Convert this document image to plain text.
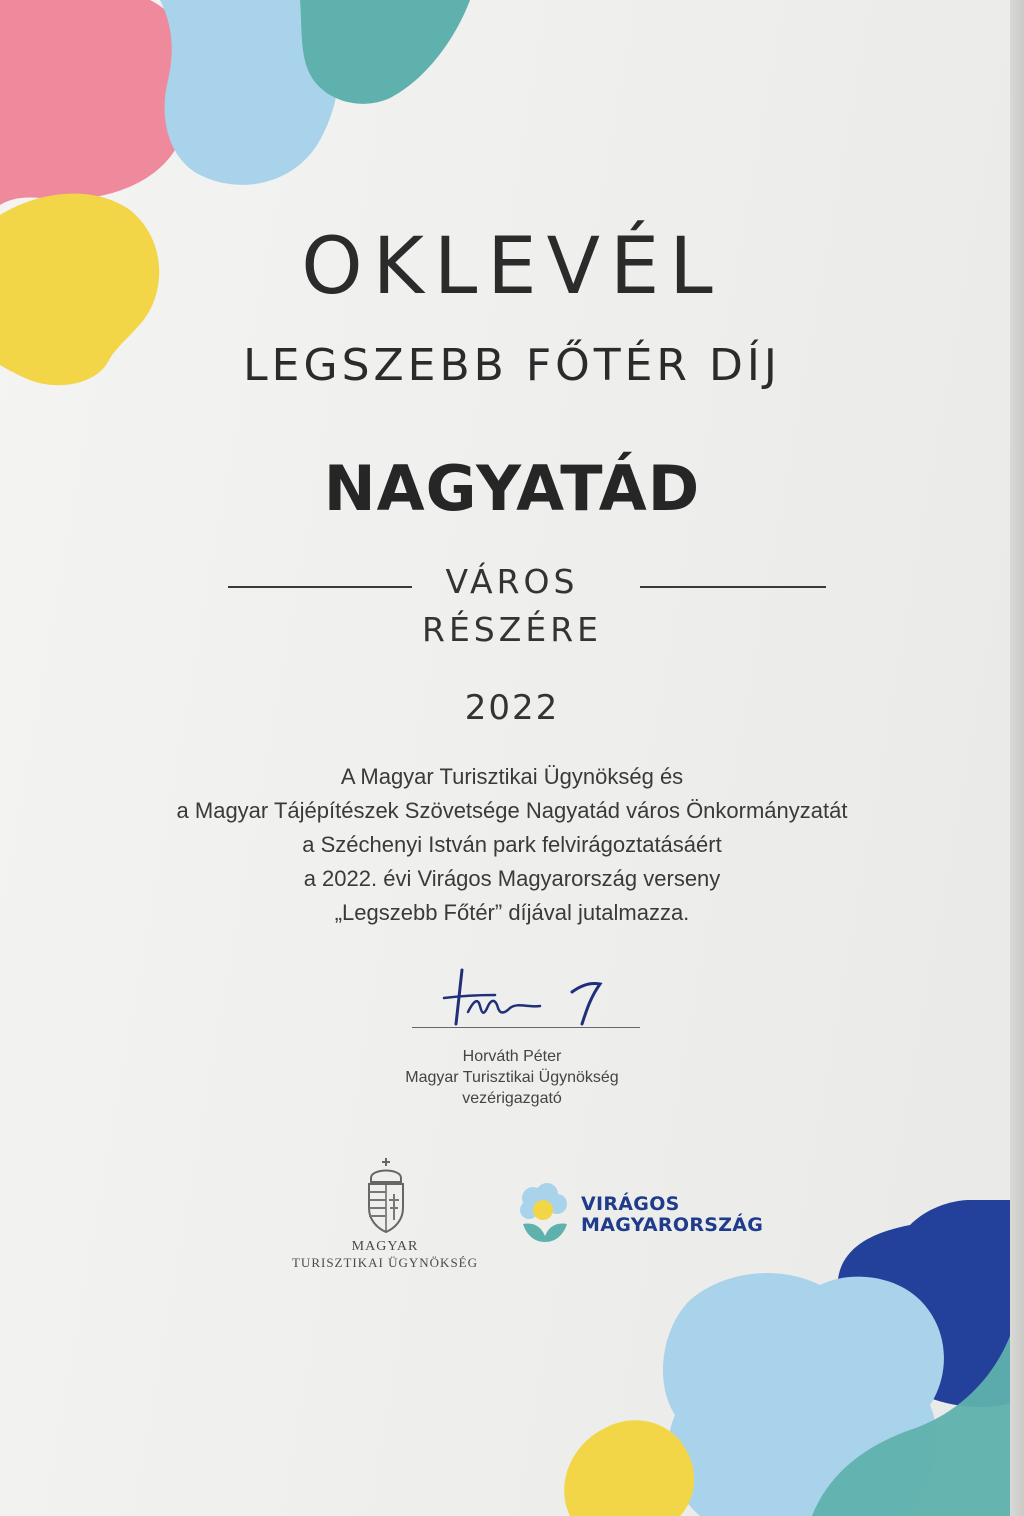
OKLEVÉL
LEGSZEBB FŐTÉR DÍJ
NAGYATÁD
VÁROS
RÉSZÉRE
2022
A Magyar Turisztikai Ügynökség és
a Magyar Tájépítészek Szövetsége Nagyatád város Önkormányzatát
a Széchenyi István park felvirágoztatásáért
a 2022. évi Virágos Magyarország verseny
„Legszebb Főtér” díjával jutalmazza.
Horváth Péter
Magyar Turisztikai Ügynökség
vezérigazgató
MAGYAR
TURISZTIKAI ÜGYNÖKSÉG
VIRÁGOS
MAGYARORSZÁG
